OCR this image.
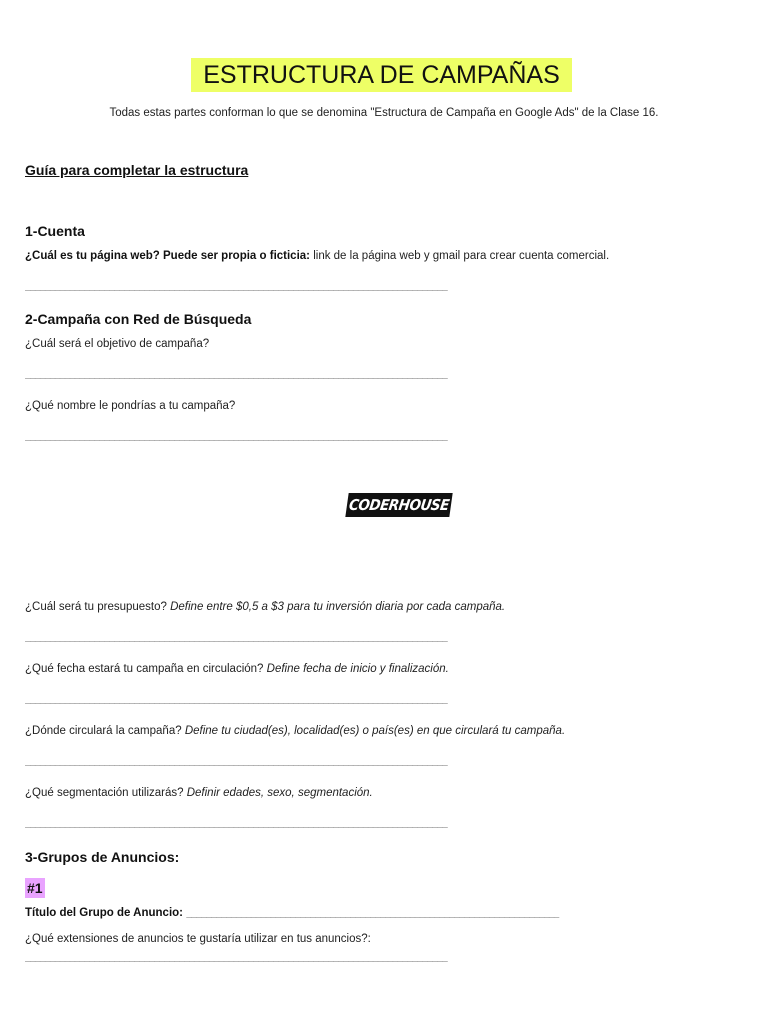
ESTRUCTURA DE CAMPAÑAS
Todas estas partes conforman lo que se denomina "Estructura de Campaña en Google Ads" de la Clase 16.
Guía para completar la estructura
1-Cuenta
¿Cuál es tu página web? Puede ser propia o ficticia: link de la página web y gmail para crear cuenta comercial.
_____________________________________________________________________________________
2-Campaña con Red de Búsqueda
¿Cuál será el objetivo de campaña?
_____________________________________________________________________________________
¿Qué nombre le pondrías a tu campaña?
_____________________________________________________________________________________
CODERHOUSE
¿Cuál será tu presupuesto? Define entre $0,5 a $3 para tu inversión diaria por cada campaña.
_____________________________________________________________________________________
¿Qué fecha estará tu campaña en circulación? Define fecha de inicio y finalización.
_____________________________________________________________________________________
¿Dónde circulará la campaña? Define tu ciudad(es), localidad(es) o país(es) en que circulará tu campaña.
_____________________________________________________________________________________
¿Qué segmentación utilizarás? Definir edades, sexo, segmentación.
_____________________________________________________________________________________
3-Grupos de Anuncios:
#1
Título del Grupo de Anuncio: ___________________________________________________________________________
¿Qué extensiones de anuncios te gustaría utilizar en tus anuncios?:
_____________________________________________________________________________________
